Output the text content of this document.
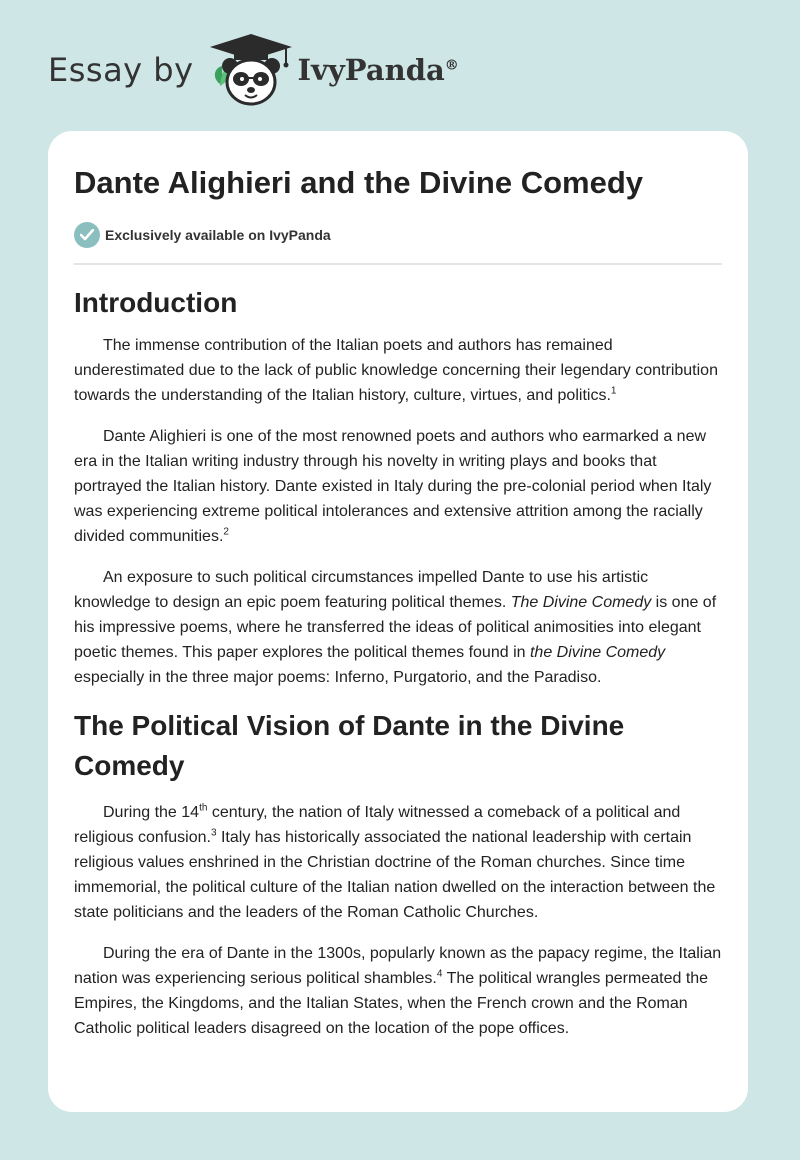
Essay by	IvyPanda®
Dante Alighieri and the Divine Comedy
Exclusively available on IvyPanda
Introduction

The immense contribution of the Italian poets and authors has remained underestimated due to the lack of public knowledge concerning their legendary contribution towards the understanding of the Italian history, culture, virtues, and politics.$^1$

Dante Alighieri is one of the most renowned poets and authors who earmarked a new era in the Italian writing industry through his novelty in writing plays and books that portrayed the Italian history. Dante existed in Italy during the pre-colonial period when Italy was experiencing extreme political intolerances and extensive attrition among the racially divided communities.$^2$

An exposure to such political circumstances impelled Dante to use his artistic knowledge to design an epic poem featuring political themes. The Divine Comedy is one of his impressive poems, where he transferred the ideas of political animosities into elegant poetic themes. This paper explores the political themes found in the Divine Comedy especially in the three major poems: Inferno, Purgatorio, and the Paradiso.

The Political Vision of Dante in the Divine Comedy

During the 14th century, the nation of Italy witnessed a comeback of a political and religious confusion.$^3$ Italy has historically associated the national leadership with certain religious values enshrined in the Christian doctrine of the Roman churches. Since time immemorial, the political culture of the Italian nation dwelled on the interaction between the state politicians and the leaders of the Roman Catholic Churches.

During the era of Dante in the 1300s, popularly known as the papacy regime, the Italian nation was experiencing serious political shambles.$^4$ The political wrangles permeated the Empires, the Kingdoms, and the Italian States, when the French crown and the Roman Catholic political leaders disagreed on the location of the pope offices.
